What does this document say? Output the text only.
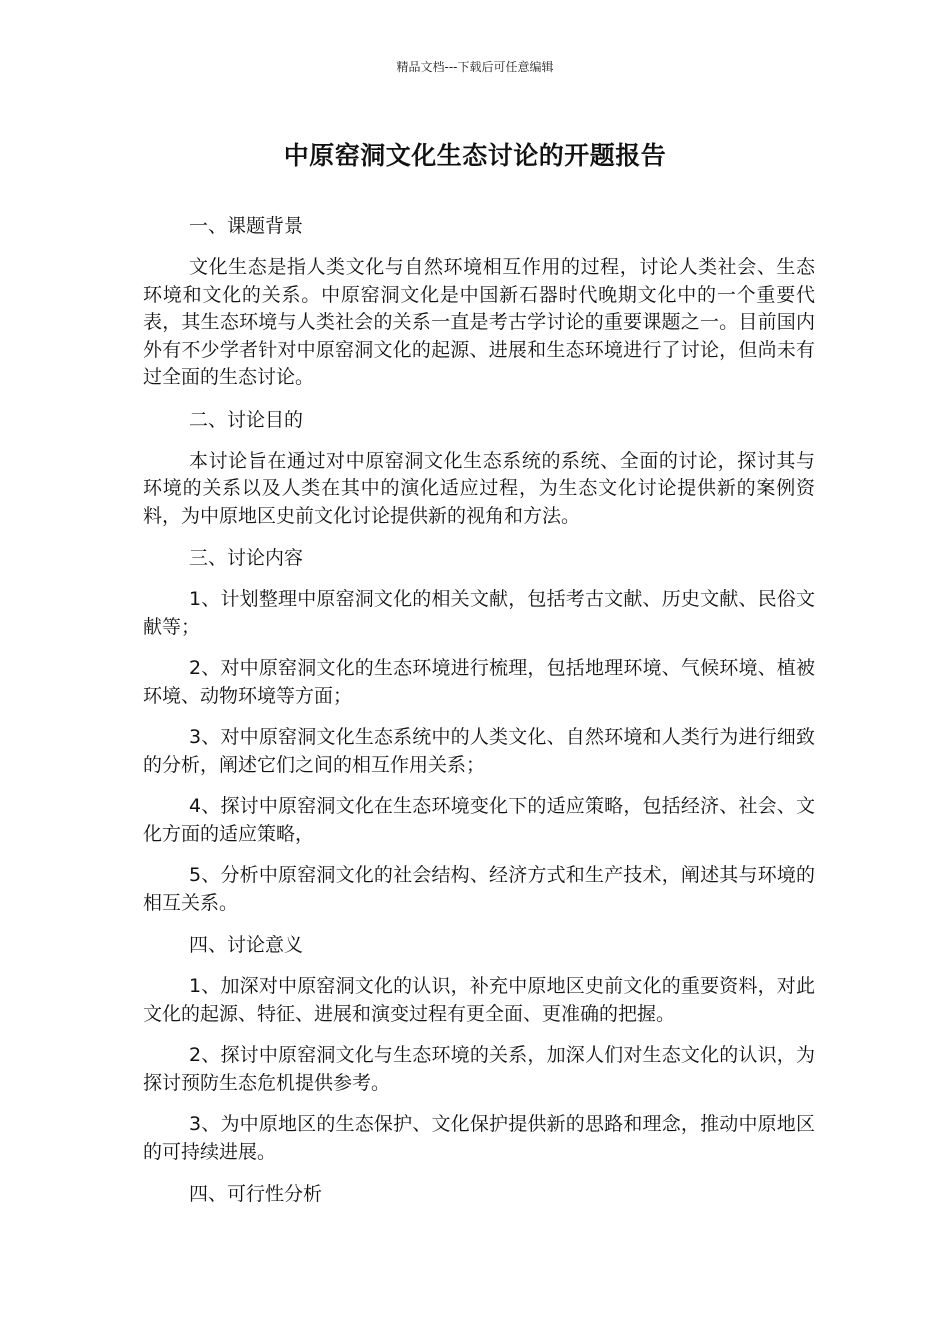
精品文档---下载后可任意编辑
中原窑洞文化生态讨论的开题报告

一、课题背景

文化生态是指人类文化与自然环境相互作用的过程，讨论人类社会、生态环境和文化的关系。中原窑洞文化是中国新石器时代晚期文化中的一个重要代表，其生态环境与人类社会的关系一直是考古学讨论的重要课题之一。目前国内外有不少学者针对中原窑洞文化的起源、进展和生态环境进行了讨论，但尚未有过全面的生态讨论。

二、讨论目的

本讨论旨在通过对中原窑洞文化生态系统的系统、全面的讨论，探讨其与环境的关系以及人类在其中的演化适应过程，为生态文化讨论提供新的案例资料，为中原地区史前文化讨论提供新的视角和方法。

三、讨论内容

1、计划整理中原窑洞文化的相关文献，包括考古文献、历史文献、民俗文献等；

2、对中原窑洞文化的生态环境进行梳理，包括地理环境、气候环境、植被环境、动物环境等方面；

3、对中原窑洞文化生态系统中的人类文化、自然环境和人类行为进行细致的分析，阐述它们之间的相互作用关系；

4、探讨中原窑洞文化在生态环境变化下的适应策略，包括经济、社会、文化方面的适应策略，

5、分析中原窑洞文化的社会结构、经济方式和生产技术，阐述其与环境的相互关系。

四、讨论意义

1、加深对中原窑洞文化的认识，补充中原地区史前文化的重要资料，对此文化的起源、特征、进展和演变过程有更全面、更准确的把握。

2、探讨中原窑洞文化与生态环境的关系，加深人们对生态文化的认识，为探讨预防生态危机提供参考。

3、为中原地区的生态保护、文化保护提供新的思路和理念，推动中原地区的可持续进展。

四、可行性分析
